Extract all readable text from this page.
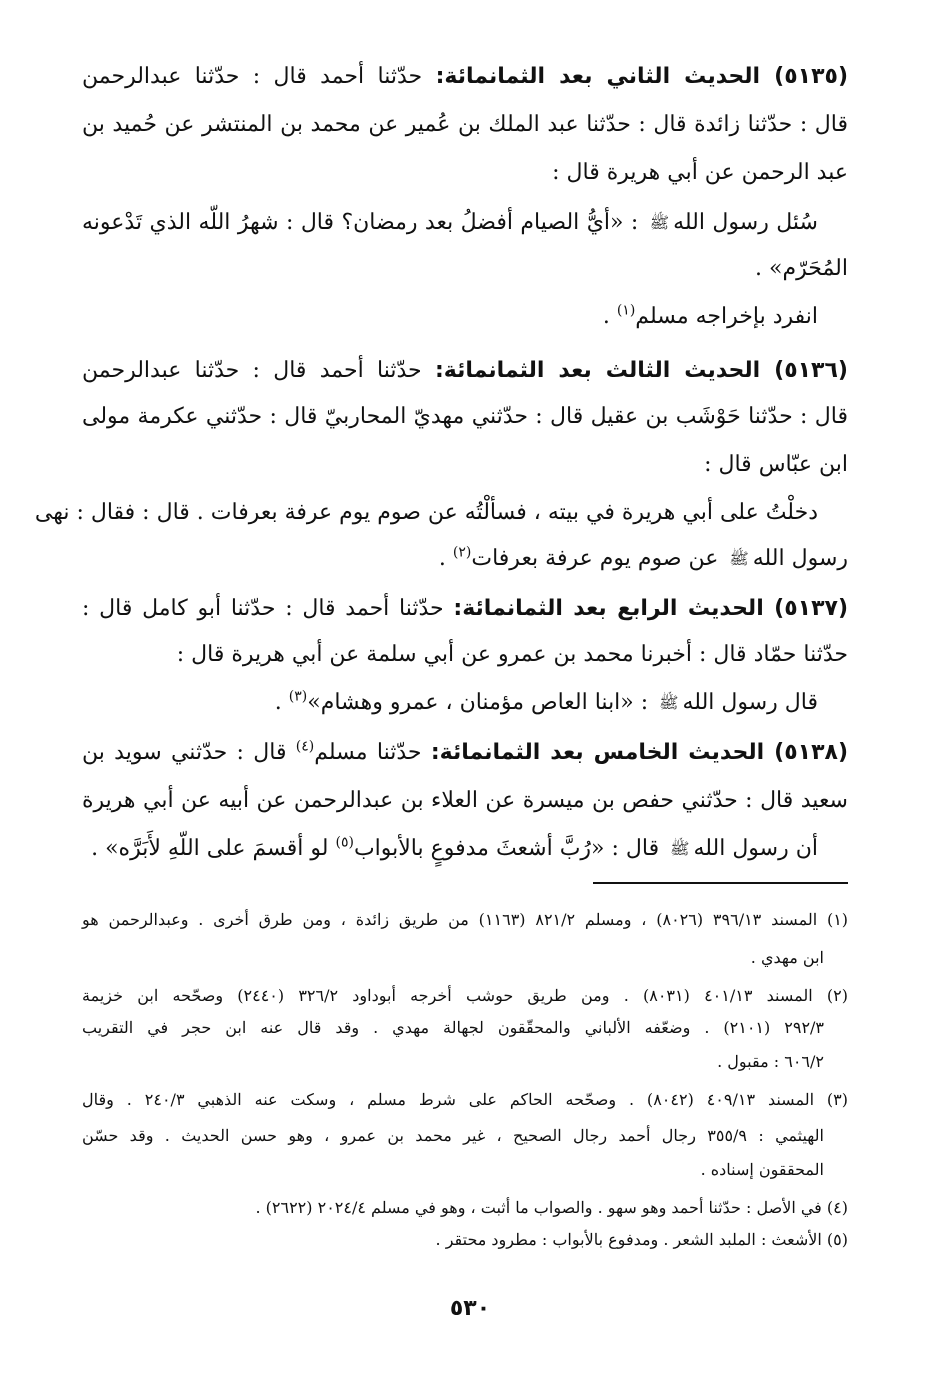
(٥١٣٥) الحديث الثاني بعد الثمانمائة: حدّثنا أحمد قال : حدّثنا عبدالرحمن
قال : حدّثنا زائدة قال : حدّثنا عبد الملك بن عُمير عن محمد بن المنتشر عن حُميد بن
عبد الرحمن عن أبي هريرة قال :
سُئل رسول اللهﷺ : «أيُّ الصيام أفضلُ بعد رمضان؟ قال : شهرُ اللّه الذي تَدْعونه
المُحَرّم» .
انفرد بإخراجه مسلم$^{(١)}$ .
(٥١٣٦) الحديث الثالث بعد الثمانمائة: حدّثنا أحمد قال : حدّثنا عبدالرحمن
قال : حدّثنا حَوْشَب بن عقيل قال : حدّثني مهديّ المحاربيّ قال : حدّثني عكرمة مولى
ابن عبّاس قال :
دخلْتُ على أبي هريرة في بيته ، فسألْتُه عن صوم يوم عرفة بعرفات . قال : فقال : نهى
رسول اللهﷺ عن صوم يوم عرفة بعرفات$^{(٢)}$ .
(٥١٣٧) الحديث الرابع بعد الثمانمائة: حدّثنا أحمد قال : حدّثنا أبو كامل قال :
حدّثنا حمّاد قال : أخبرنا محمد بن عمرو عن أبي سلمة عن أبي هريرة قال :
قال رسول اللهﷺ : «ابنا العاص مؤمنان ، عمرو وهشام»$^{(٣)}$ .
(٥١٣٨) الحديث الخامس بعد الثمانمائة: حدّثنا مسلم$^{(٤)}$ قال : حدّثني سويد بن
سعيد قال : حدّثني حفص بن ميسرة عن العلاء بن عبدالرحمن عن أبيه عن أبي هريرة
أن رسول اللهﷺ قال : «رُبَّ أشعثَ مدفوعٍ بالأبواب$^{(٥)}$ لو أقسمَ على اللّهِ لأَبَرَّه» .
(١) المسند ٣٩٦/١٣ (٨٠٢٦) ، ومسلم ٨٢١/٢ (١١٦٣) من طريق زائدة ، ومن طرق أخرى . وعبدالرحمن هو
ابن مهدي .
(٢) المسند ٤٠١/١٣ (٨٠٣١) . ومن طريق حوشب أخرجه أبوداود ٣٢٦/٢ (٢٤٤٠) وصحّحه ابن خزيمة
٢٩٢/٣ (٢١٠١) . وضعّفه الألباني والمحقّقون لجهالة مهدي . وقد قال عنه ابن حجر في التقريب
٦٠٦/٢ : مقبول .
(٣) المسند ٤٠٩/١٣ (٨٠٤٢) . وصحّحه الحاكم على شرط مسلم ، وسكت عنه الذهبي ٢٤٠/٣ . وقال
الهيثمي : ٣٥٥/٩ رجال أحمد رجال الصحيح ، غير محمد بن عمرو ، وهو حسن الحديث . وقد حسّن
المحققون إسناده .
(٤) في الأصل : حدّثنا أحمد وهو سهو . والصواب ما أثبت ، وهو في مسلم ٢٠٢٤/٤ (٢٦٢٢) .
(٥) الأشعث : الملبد الشعر . ومدفوع بالأبواب : مطرود محتقر .
٥٣٠
